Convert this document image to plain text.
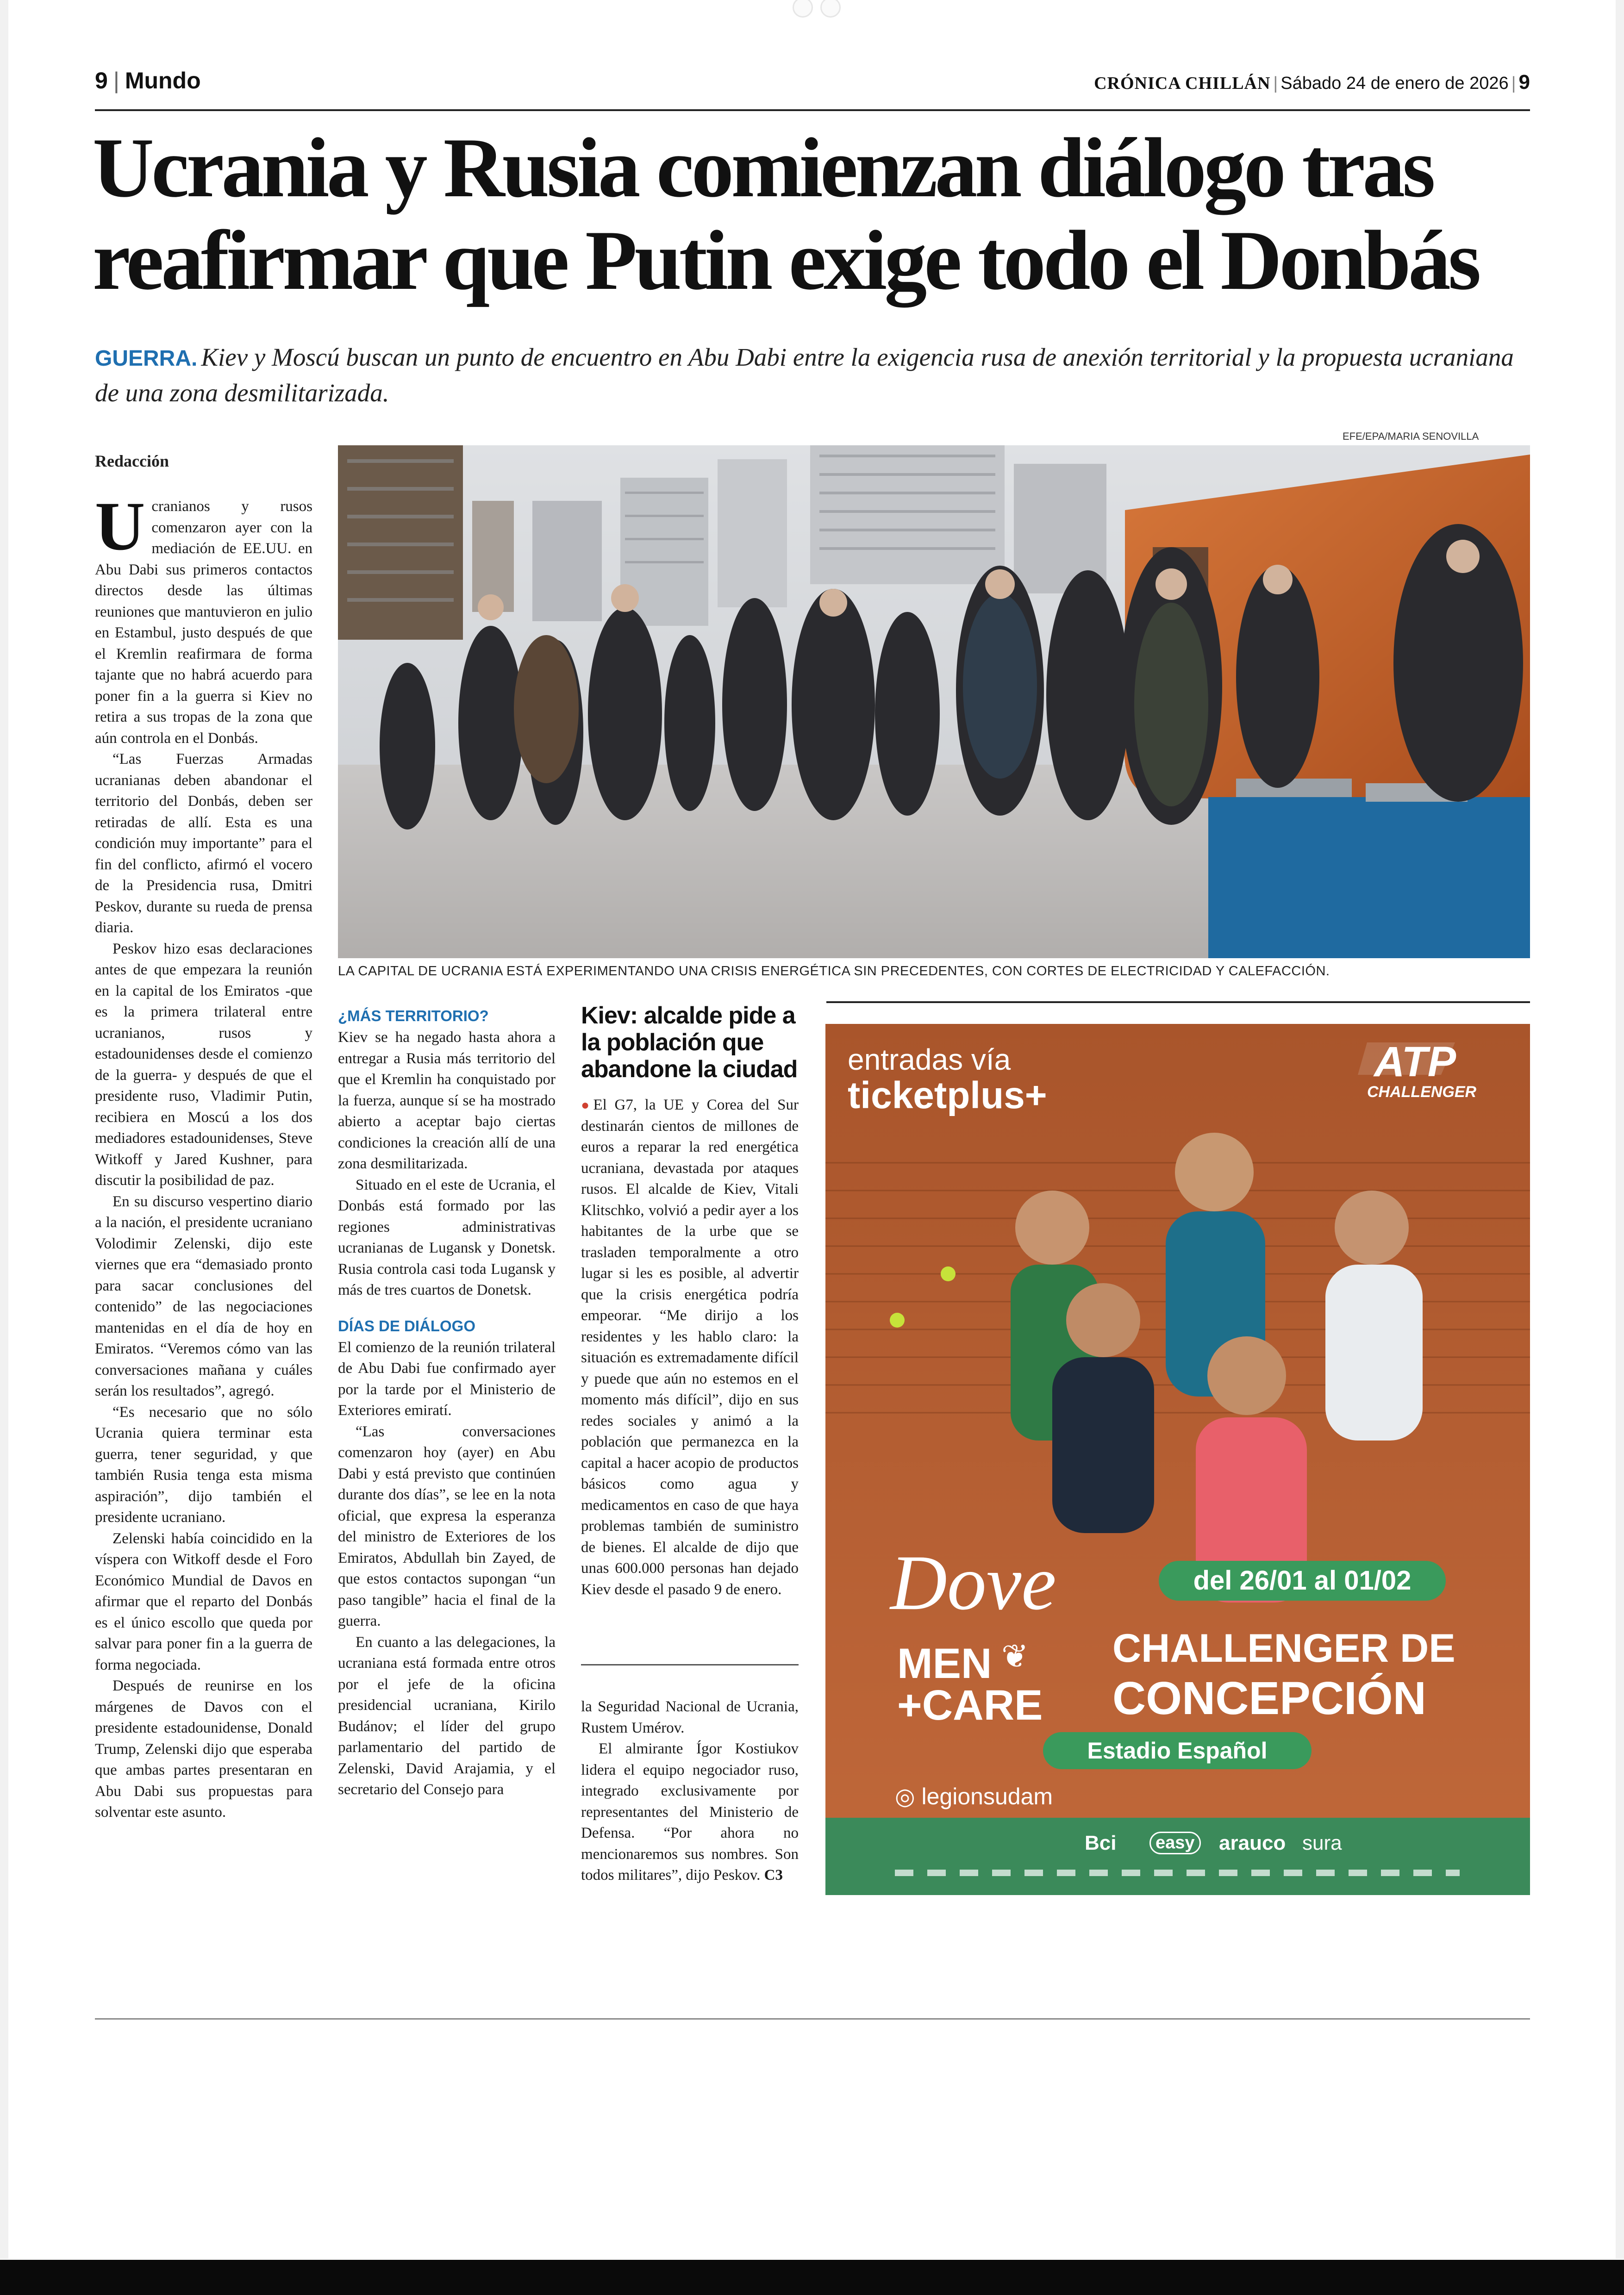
9 | Mundo	CRÓNICA CHILLÁN | Sábado 24 de enero de 2026 | 9
Ucrania y Rusia comienzan diálogo tras reafirmar que Putin exige todo el Donbás
GUERRA. Kiev y Moscú buscan un punto de encuentro en Abu Dabi entre la exigencia rusa de anexión territorial y la propuesta ucraniana de una zona desmilitarizada.
Redacción

Ucranianos y rusos comenzaron ayer con la mediación de EE.UU. en Abu Dabi sus primeros contactos directos desde las últimas reuniones que mantuvieron en julio en Estambul, justo después de que el Kremlin reafirmara de forma tajante que no habrá acuerdo para poner fin a la guerra si Kiev no retira a sus tropas de la zona que aún controla en el Donbás.

“Las Fuerzas Armadas ucranianas deben abandonar el territorio del Donbás, deben ser retiradas de allí. Esta es una condición muy importante” para el fin del conflicto, afirmó el vocero de la Presidencia rusa, Dmitri Peskov, durante su rueda de prensa diaria.

Peskov hizo esas declaraciones antes de que empezara la reunión en la capital de los Emiratos -que es la primera trilateral entre ucranianos, rusos y estadounidenses desde el comienzo de la guerra- y después de que el presidente ruso, Vladimir Putin, recibiera en Moscú a los dos mediadores estadounidenses, Steve Witkoff y Jared Kushner, para discutir la posibilidad de paz.

En su discurso vespertino diario a la nación, el presidente ucraniano Volodimir Zelenski, dijo este viernes que era “demasiado pronto para sacar conclusiones del contenido” de las negociaciones mantenidas en el día de hoy en Emiratos. “Veremos cómo van las conversaciones mañana y cuáles serán los resultados”, agregó.

“Es necesario que no sólo Ucrania quiera terminar esta guerra, tener seguridad, y que también Rusia tenga esta misma aspiración”, dijo también el presidente ucraniano.

Zelenski había coincidido en la víspera con Witkoff desde el Foro Económico Mundial de Davos en afirmar que el reparto del Donbás es el único escollo que queda por salvar para poner fin a la guerra de forma negociada.

Después de reunirse en los márgenes de Davos con el presidente estadounidense, Donald Trump, Zelenski dijo que esperaba que ambas partes presentaran en Abu Dabi sus propuestas para solventar este asunto.

EFE/EPA/MARIA SENOVILLA
LA CAPITAL DE UCRANIA ESTÁ EXPERIMENTANDO UNA CRISIS ENERGÉTICA SIN PRECEDENTES, CON CORTES DE ELECTRICIDAD Y CALEFACCIÓN.
¿MÁS TERRITORIO?

Kiev se ha negado hasta ahora a entregar a Rusia más territorio del que el Kremlin ha conquistado por la fuerza, aunque sí se ha mostrado abierto a aceptar bajo ciertas condiciones la creación allí de una zona desmilitarizada.

Situado en el este de Ucrania, el Donbás está formado por las regiones administrativas ucranianas de Lugansk y Donetsk. Rusia controla casi toda Lugansk y más de tres cuartos de Donetsk.

DÍAS DE DIÁLOGO

El comienzo de la reunión trilateral de Abu Dabi fue confirmado ayer por la tarde por el Ministerio de Exteriores emiratí.

“Las conversaciones comenzaron hoy (ayer) en Abu Dabi y está previsto que continúen durante dos días”, se lee en la nota oficial, que expresa la esperanza del ministro de Exteriores de los Emiratos, Abdullah bin Zayed, de que estos contactos supongan “un paso tangible” hacia el final de la guerra.

En cuanto a las delegaciones, la ucraniana está formada entre otros por el jefe de la oficina presidencial ucraniana, Kirilo Budánov; el líder del grupo parlamentario del partido de Zelenski, David Arajamia, y el secretario del Consejo para

Kiev: alcalde pide a la población que abandone la ciudad

●El G7, la UE y Corea del Sur destinarán cientos de millones de euros a reparar la red energética ucraniana, devastada por ataques rusos. El alcalde de Kiev, Vitali Klitschko, volvió a pedir ayer a los habitantes de la urbe que se trasladen temporalmente a otro lugar si les es posible, al advertir que la crisis energética podría empeorar. “Me dirijo a los residentes y les hablo claro: la situación es extremadamente difícil y puede que aún no estemos en el momento más difícil”, dijo en sus redes sociales y animó a la población que permanezca en la capital a hacer acopio de productos básicos como agua y medicamentos en caso de que haya problemas también de suministro de bienes. El alcalde de dijo que unas 600.000 personas han dejado Kiev desde el pasado 9 de enero.

la Seguridad Nacional de Ucrania, Rustem Umérov.

El almirante Ígor Kostiukov lidera el equipo negociador ruso, integrado exclusivamente por representantes del Ministerio de Defensa. “Por ahora no mencionaremos sus nombres. Son todos militares”, dijo Peskov. C3

entradas vía
ticketplus+
ATP
CHALLENGER
Dove
MEN ❦
+CARE
del 26/01 al 01/02
CHALLENGER DE
CONCEPCIÓN
Estadio Español
◎ legionsudam
Bci	easy arauco sura
